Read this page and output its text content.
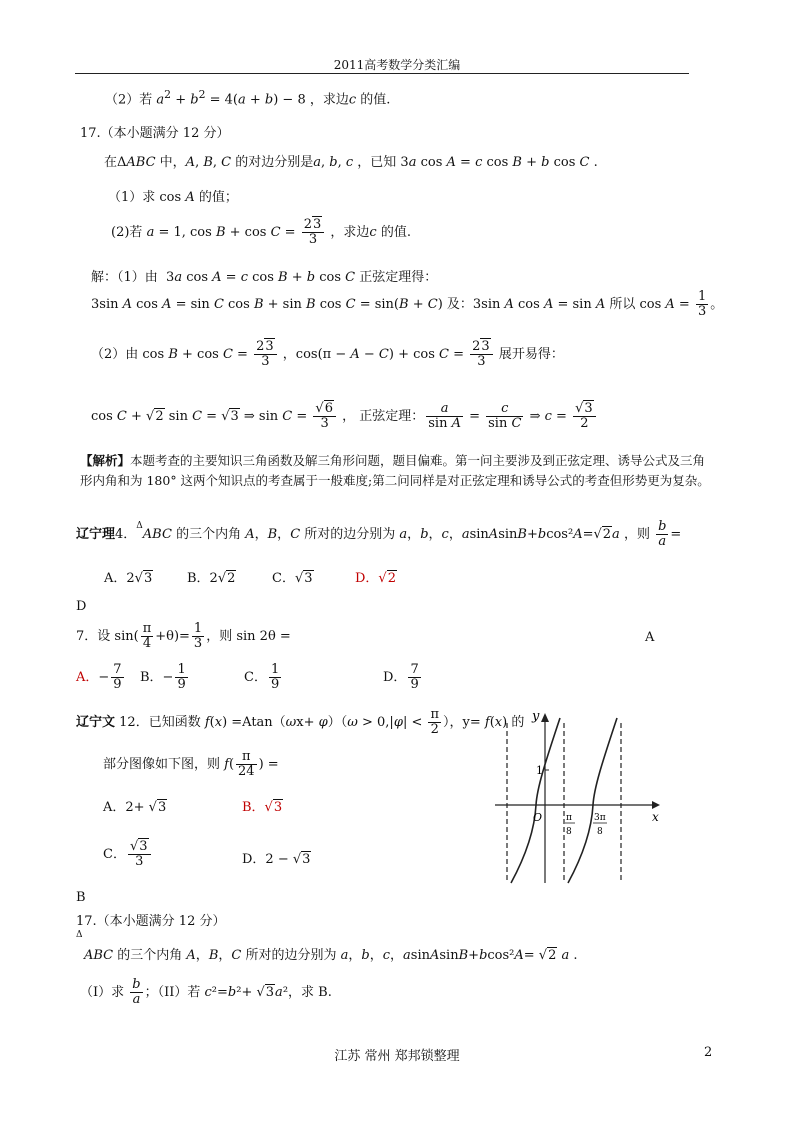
2011高考数学分类汇编
（2）若 $a^2 + b^2 = 4(a + b) - 8$ ，求边c 的值.
17.（本小题满分 12 分）
在ΔABC 中，A, B, C 的对边分别是a, b, c ，已知 3a cos A = c cos B + b cos C .
（1）求 cos A 的值；
(2)若 a = 1, $\cos B + \cos C = \frac{23}{3}$ ，求边c 的值.
解：（1）由  3a cos A = c cos B + b cos C 正弦定理得：
3sin A cos A = sin C cos B + sin B cos C = sin(B + C) 及：3sin A cos A = sin A 所以 $\cos A = \frac{1}{3}$ 。
（2）由 $\cos B + \cos C = \frac{23}{3}$ ，$\cos(\pi - A - C) + \cos C = \frac{23}{3}$ 展开易得：
cos C + √2 sin C = √3 ⇒ $\sin C = \frac{√6}{3}$ ， 正弦定理： $\frac{a}{\text{sin A}} = \frac{c}{\text{sin C}}$ ⇒ $c = \frac{√3}{2}$
【解析】本题考查的主要知识三角函数及解三角形问题，题目偏难。第一问主要涉及到正弦定理、诱导公式及三角形内角和为 180° 这两个知识点的考查属于一般难度;第二问同样是对正弦定理和诱导公式的考查但形势更为复杂。
辽宁理4．$^\Delta$ABC 的三个内角 A，B，C 所对的边分别为 a，b，c，asinAsinB+bcos²A=√2a ，则 $\frac{b}{a}$ =
A．2√3	B．2√2	C．√3	D．√2
D
7．设 $\sin( \frac{\pi}{4} +\theta)= \frac{1}{3}$ ，则 sin 2θ =	A
A．− $\frac{7}{9}$ B．− $\frac{1}{9}$	C． $\frac{1}{9}$	D． $\frac{7}{9}$
辽宁文 12．已知函数 $f(x) =Atan(\omega x+ \varphi)(\omega > 0,|\varphi| < \frac{\pi}{2}$ ），y= f(x) 的
部分图像如下图，则 $f( \frac{\pi}{24}$ ) =
A．2+ √3	B．√3
C． $\frac{√3}{3}$	D．2 − √3
B
y
x
O
1
π
8
3π
8
17.（本小题满分 12 分）
Δ
ABC 的三个内角 A，B，C 所对的边分别为 a，b，c，asinAsinB+bcos²A= √2 a .
（I）求 $\frac{b}{a}$ ；（II）若 c²=b²+ √3a²，求 B.
江苏 常州 郑邦锁整理	2
